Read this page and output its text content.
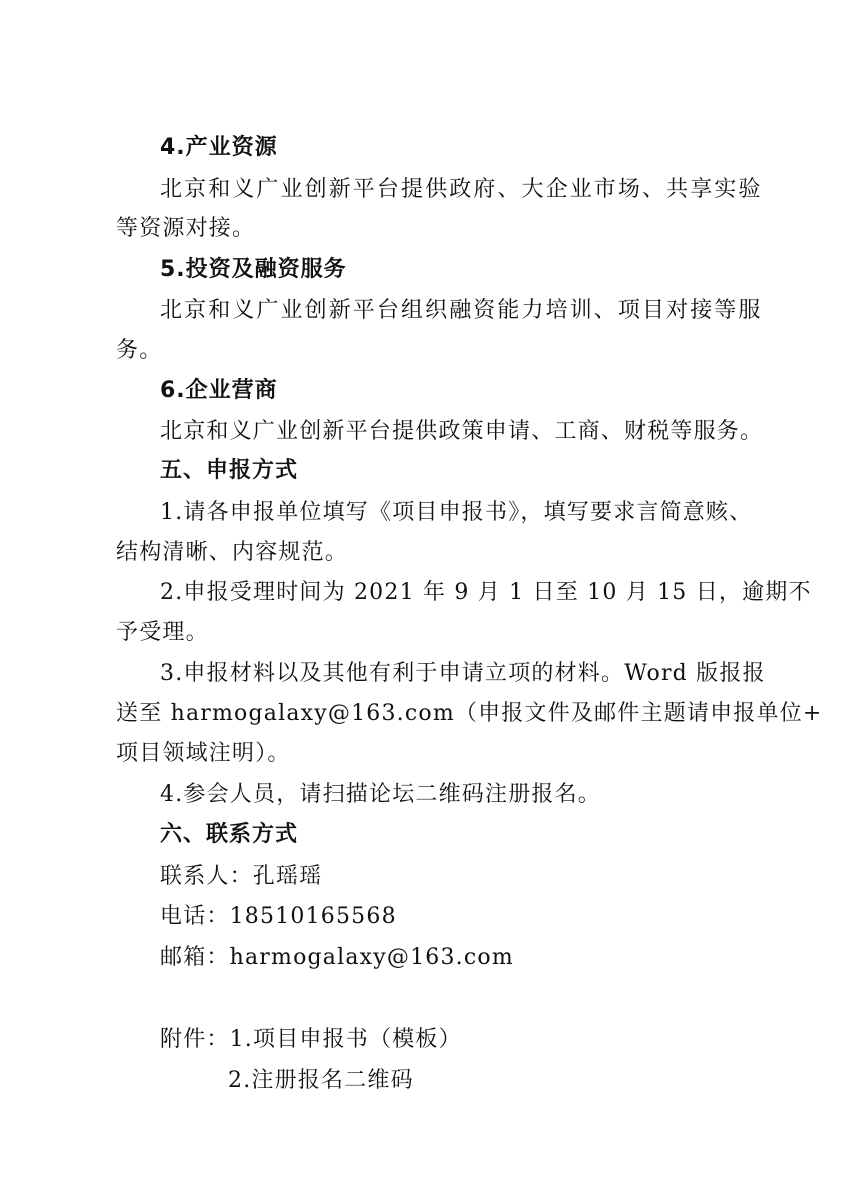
4.产业资源
北京和义广业创新平台提供政府、大企业市场、共享实验
等资源对接。
5.投资及融资服务
北京和义广业创新平台组织融资能力培训、项目对接等服
务。
6.企业营商
北京和义广业创新平台提供政策申请、工商、财税等服务。
五、申报方式
1.请各申报单位填写《项目申报书》，填写要求言简意赅、
结构清晰、内容规范。
2.申报受理时间为 2021 年 9 月 1 日至 10 月 15 日，逾期不
予受理。
3.申报材料以及其他有利于申请立项的材料。Word 版报报
送至 harmogalaxy@163.com（申报文件及邮件主题请申报单位+
项目领域注明）。
4.参会人员，请扫描论坛二维码注册报名。
六、联系方式
联系人：孔瑶瑶
电话：18510165568
邮箱：harmogalaxy@163.com
附件：1.项目申报书（模板）
2.注册报名二维码
